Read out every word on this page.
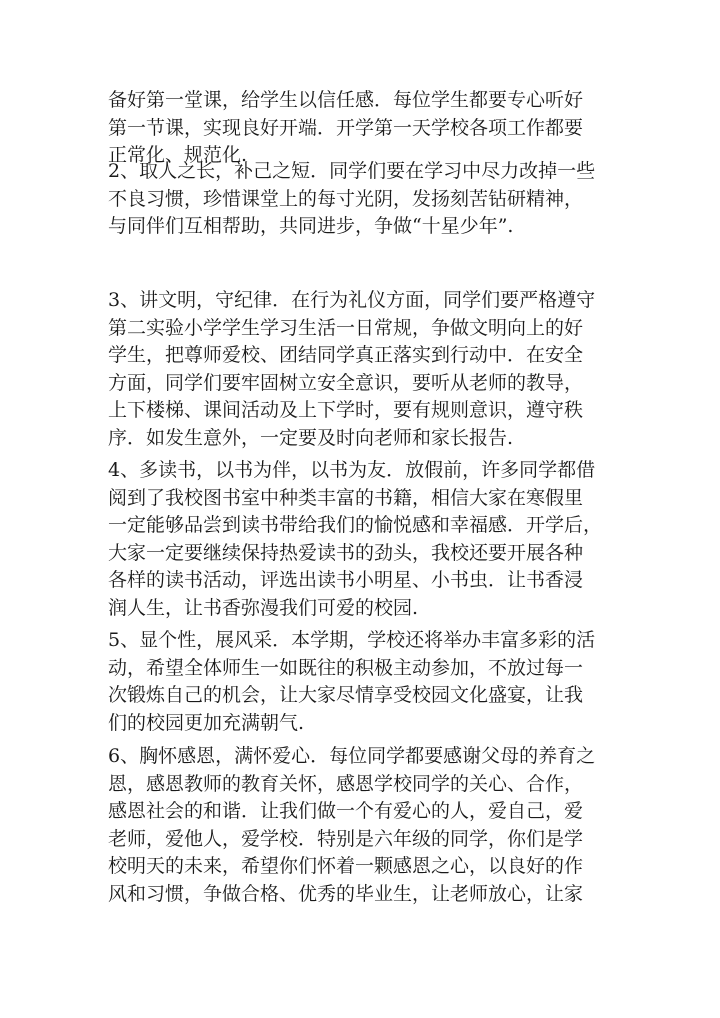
备好第一堂课，给学生以信任感．每位学生都要专心听好
第一节课，实现良好开端．开学第一天学校各项工作都要
正常化、规范化.
2、取人之长，补己之短．同学们要在学习中尽力改掉一些
不良习惯，珍惜课堂上的每寸光阴，发扬刻苦钻研精神，
与同伴们互相帮助，共同进步，争做“十星少年”.
3、讲文明，守纪律．在行为礼仪方面，同学们要严格遵守
第二实验小学学生学习生活一日常规，争做文明向上的好
学生，把尊师爱校、团结同学真正落实到行动中．在安全
方面，同学们要牢固树立安全意识，要听从老师的教导，
上下楼梯、课间活动及上下学时，要有规则意识，遵守秩
序．如发生意外，一定要及时向老师和家长报告.
4、多读书，以书为伴，以书为友．放假前，许多同学都借
阅到了我校图书室中种类丰富的书籍，相信大家在寒假里
一定能够品尝到读书带给我们的愉悦感和幸福感．开学后，
大家一定要继续保持热爱读书的劲头，我校还要开展各种
各样的读书活动，评选出读书小明星、小书虫．让书香浸
润人生，让书香弥漫我们可爱的校园.
5、显个性，展风采．本学期，学校还将举办丰富多彩的活
动，希望全体师生一如既往的积极主动参加，不放过每一
次锻炼自己的机会，让大家尽情享受校园文化盛宴，让我
们的校园更加充满朝气.
6、胸怀感恩，满怀爱心．每位同学都要感谢父母的养育之
恩，感恩教师的教育关怀，感恩学校同学的关心、合作，
感恩社会的和谐．让我们做一个有爱心的人，爱自己，爱
老师，爱他人，爱学校．特别是六年级的同学，你们是学
校明天的未来，希望你们怀着一颗感恩之心，以良好的作
风和习惯，争做合格、优秀的毕业生，让老师放心，让家
